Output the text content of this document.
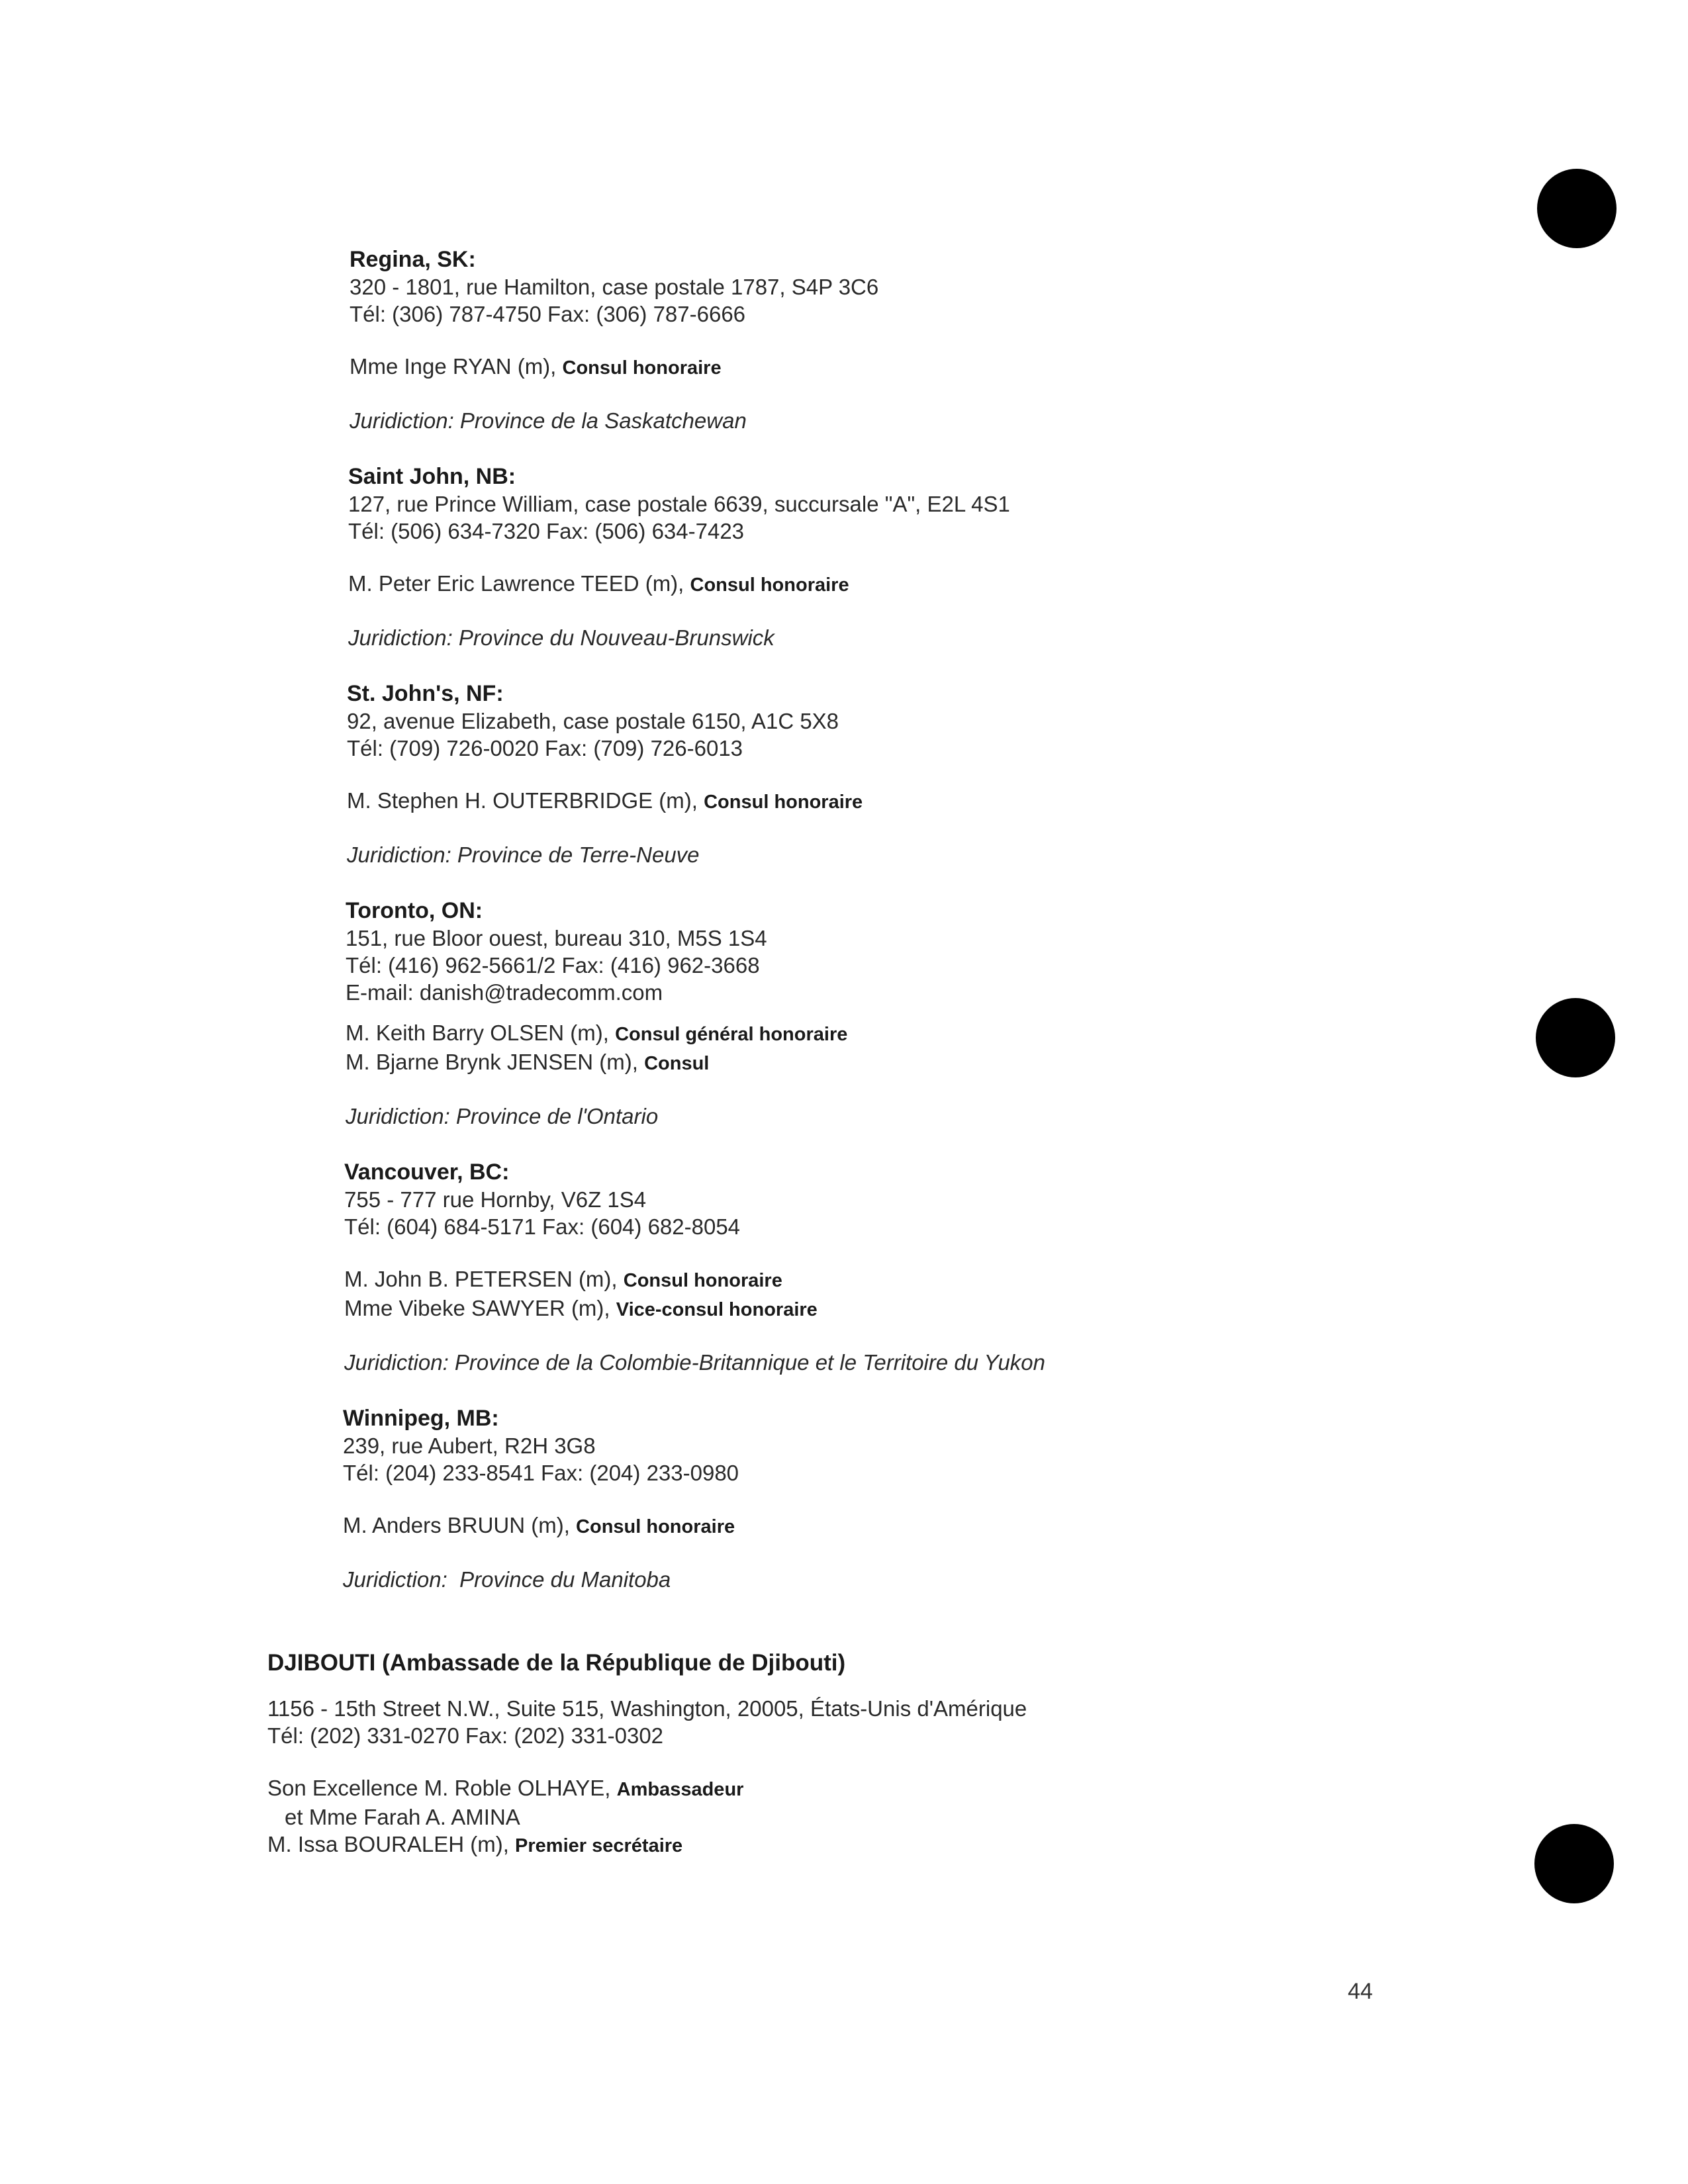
Regina, SK:
320 - 1801, rue Hamilton, case postale 1787, S4P 3C6
Tél: (306) 787-4750 Fax: (306) 787-6666
Mme Inge RYAN (m), Consul honoraire
Juridiction: Province de la Saskatchewan
Saint John, NB:
127, rue Prince William, case postale 6639, succursale "A", E2L 4S1
Tél: (506) 634-7320 Fax: (506) 634-7423
M. Peter Eric Lawrence TEED (m), Consul honoraire
Juridiction: Province du Nouveau-Brunswick
St. John's, NF:
92, avenue Elizabeth, case postale 6150, A1C 5X8
Tél: (709) 726-0020 Fax: (709) 726-6013
M. Stephen H. OUTERBRIDGE (m), Consul honoraire
Juridiction: Province de Terre-Neuve
Toronto, ON:
151, rue Bloor ouest, bureau 310, M5S 1S4
Tél: (416) 962-5661/2 Fax: (416) 962-3668
E-mail: danish@tradecomm.com
M. Keith Barry OLSEN (m), Consul général honoraire
M. Bjarne Brynk JENSEN (m), Consul
Juridiction: Province de l'Ontario
Vancouver, BC:
755 - 777 rue Hornby, V6Z 1S4
Tél: (604) 684-5171 Fax: (604) 682-8054
M. John B. PETERSEN (m), Consul honoraire
Mme Vibeke SAWYER (m), Vice-consul honoraire
Juridiction: Province de la Colombie-Britannique et le Territoire du Yukon
Winnipeg, MB:
239, rue Aubert, R2H 3G8
Tél: (204) 233-8541 Fax: (204) 233-0980
M. Anders BRUUN (m), Consul honoraire
Juridiction:  Province du Manitoba
DJIBOUTI (Ambassade de la République de Djibouti)
1156 - 15th Street N.W., Suite 515, Washington, 20005, États-Unis d'Amérique
Tél: (202) 331-0270 Fax: (202) 331-0302
Son Excellence M. Roble OLHAYE, Ambassadeur
et Mme Farah A. AMINA
M. Issa BOURALEH (m), Premier secrétaire
44
